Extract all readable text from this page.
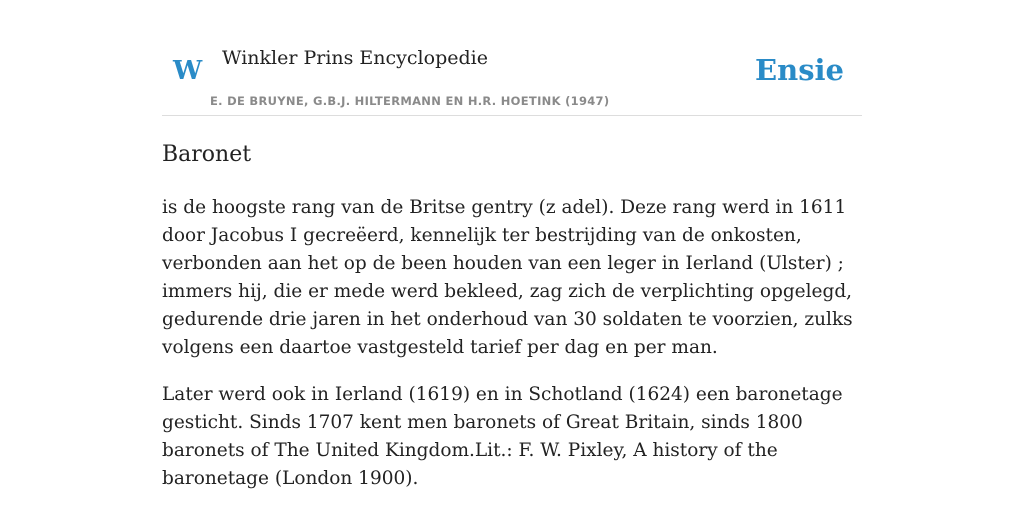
W Winkler Prins Encyclopedie
E. DE BRUYNE, G.B.J. HILTERMANN EN H.R. HOETINK (1947)
Ensie
Baronet

is de hoogste rang van de Britse gentry (z adel). Deze rang werd in 1611 door Jacobus I gecreëerd, kennelijk ter bestrijding van de onkosten, verbonden aan het op de been houden van een leger in Ierland (Ulster) ; immers hij, die er mede werd bekleed, zag zich de verplichting opgelegd, gedurende drie jaren in het onderhoud van 30 soldaten te voorzien, zulks volgens een daartoe vastgesteld tarief per dag en per man.

Later werd ook in Ierland (1619) en in Schotland (1624) een baronetage gesticht. Sinds 1707 kent men baronets of Great Britain, sinds 1800 baronets of The United Kingdom.Lit.: F. W. Pixley, A history of the baronetage (London 1900).
